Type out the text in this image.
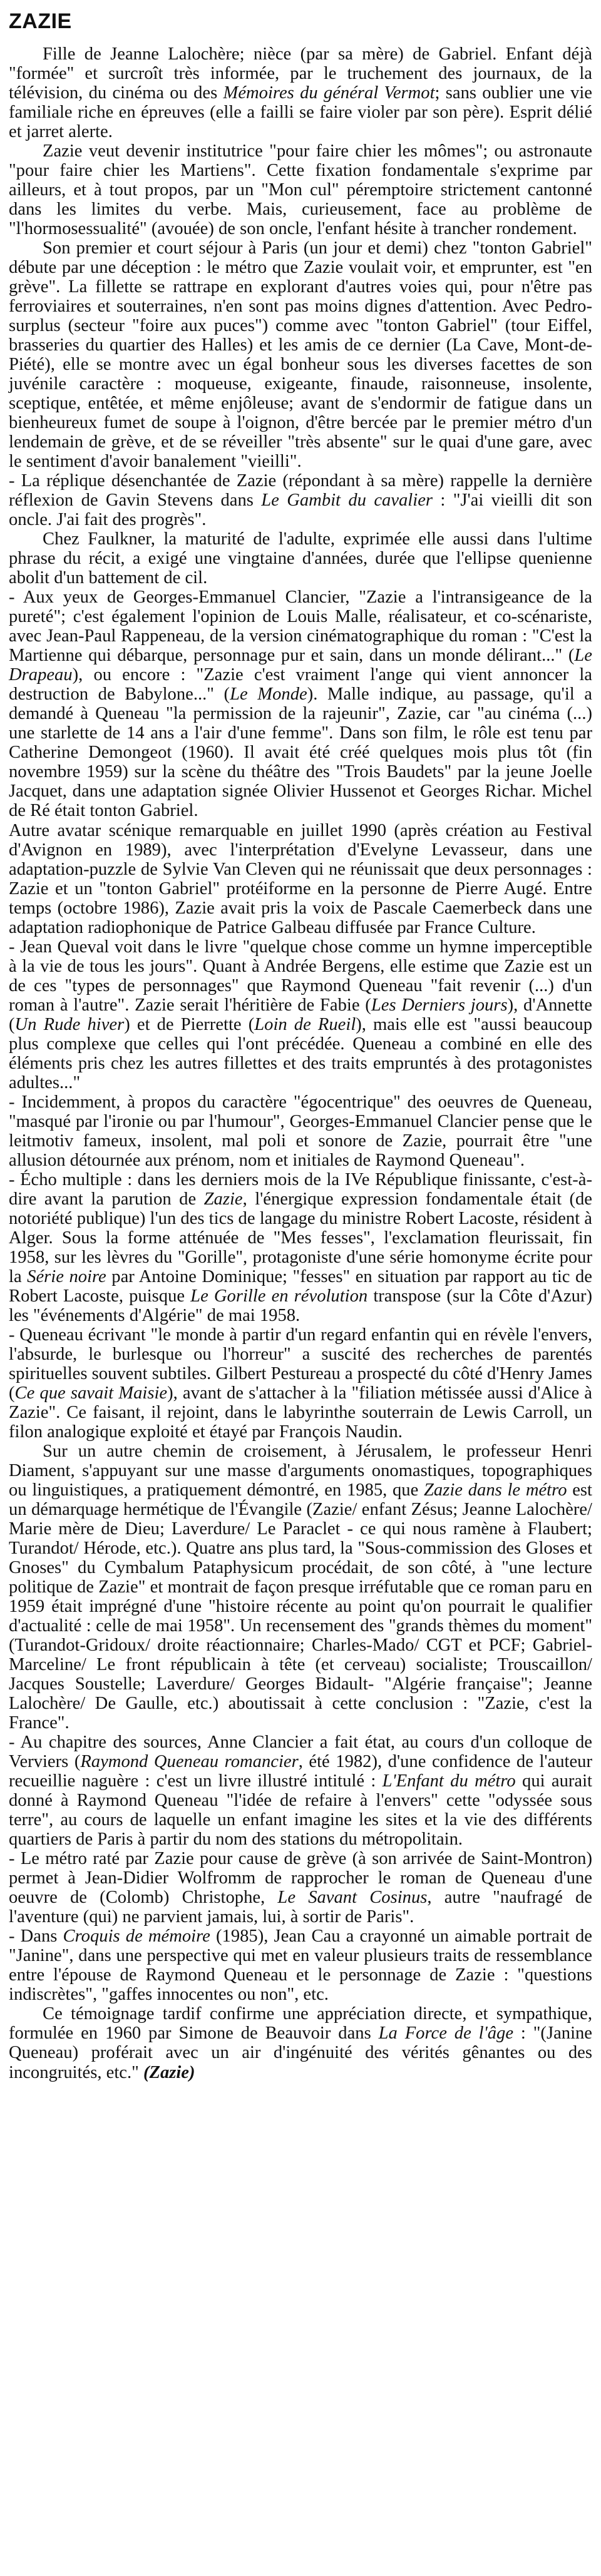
ZAZIE

Fille de Jeanne Lalochère; nièce (par sa mère) de Gabriel. Enfant déjà "formée" et surcroît très informée, par le truchement des journaux, de la télévision, du cinéma ou des Mémoires du général Vermot; sans oublier une vie familiale riche en épreuves (elle a failli se faire violer par son père). Esprit délié et jarret alerte.

Zazie veut devenir institutrice "pour faire chier les mômes"; ou astronaute "pour faire chier les Martiens". Cette fixation fondamentale s'exprime par ailleurs, et à tout propos, par un "Mon cul" péremptoire strictement cantonné dans les limites du verbe. Mais, curieusement, face au problème de "l'hormosessualité" (avouée) de son oncle, l'enfant hésite à trancher rondement.

Son premier et court séjour à Paris (un jour et demi) chez "tonton Gabriel" débute par une déception : le métro que Zazie voulait voir, et emprunter, est "en grève". La fillette se rattrape en explorant d'autres voies qui, pour n'être pas ferroviaires et souterraines, n'en sont pas moins dignes d'attention. Avec Pedro-surplus (secteur "foire aux puces") comme avec "tonton Gabriel" (tour Eiffel, brasseries du quartier des Halles) et les amis de ce dernier (La Cave, Mont-de-Piété), elle se montre avec un égal bonheur sous les diverses facettes de son juvénile caractère : moqueuse, exigeante, finaude, raisonneuse, insolente, sceptique, entêtée, et même enjôleuse; avant de s'endormir de fatigue dans un bienheureux fumet de soupe à l'oignon, d'être bercée par le premier métro d'un lendemain de grève, et de se réveiller "très absente" sur le quai d'une gare, avec le sentiment d'avoir banalement "vieilli".

- La réplique désenchantée de Zazie (répondant à sa mère) rappelle la dernière réflexion de Gavin Stevens dans Le Gambit du cavalier : "J'ai vieilli dit son oncle. J'ai fait des progrès".

Chez Faulkner, la maturité de l'adulte, exprimée elle aussi dans l'ultime phrase du récit, a exigé une vingtaine d'années, durée que l'ellipse quenienne abolit d'un battement de cil.

- Aux yeux de Georges-Emmanuel Clancier, "Zazie a l'intransigeance de la pureté"; c'est également l'opinion de Louis Malle, réalisateur, et co-scénariste, avec Jean-Paul Rappeneau, de la version cinématographique du roman : "C'est la Martienne qui débarque, personnage pur et sain, dans un monde délirant..." (Le Drapeau), ou encore : "Zazie c'est vraiment l'ange qui vient annoncer la destruction de Babylone..." (Le Monde). Malle indique, au passage, qu'il a demandé à Queneau "la permission de la rajeunir", Zazie, car "au cinéma (...) une starlette de 14 ans a l'air d'une femme". Dans son film, le rôle est tenu par Catherine Demongeot (1960). Il avait été créé quelques mois plus tôt (fin novembre 1959) sur la scène du théâtre des "Trois Baudets" par la jeune Joelle Jacquet, dans une adaptation signée Olivier Hussenot et Georges Richar. Michel de Ré était tonton Gabriel.

Autre avatar scénique remarquable en juillet 1990 (après création au Festival d'Avignon en 1989), avec l'interprétation d'Evelyne Levasseur, dans une adaptation-puzzle de Sylvie Van Cleven qui ne réunissait que deux personnages : Zazie et un "tonton Gabriel" protéiforme en la personne de Pierre Augé. Entre temps (octobre 1986), Zazie avait pris la voix de Pascale Caemerbeck dans une adaptation radiophonique de Patrice Galbeau diffusée par France Culture.

- Jean Queval voit dans le livre "quelque chose comme un hymne imperceptible à la vie de tous les jours". Quant à Andrée Bergens, elle estime que Zazie est un de ces "types de personnages" que Raymond Queneau "fait revenir (...) d'un roman à l'autre". Zazie serait l'héritière de Fabie (Les Derniers jours), d'Annette (Un Rude hiver) et de Pierrette (Loin de Rueil), mais elle est "aussi beaucoup plus complexe que celles qui l'ont précédée. Queneau a combiné en elle des éléments pris chez les autres fillettes et des traits empruntés à des protagonistes adultes..."

- Incidemment, à propos du caractère "égocentrique" des oeuvres de Queneau, "masqué par l'ironie ou par l'humour", Georges-Emmanuel Clancier pense que le leitmotiv fameux, insolent, mal poli et sonore de Zazie, pourrait être "une allusion détournée aux prénom, nom et initiales de Raymond Queneau".

- Écho multiple : dans les derniers mois de la IVe République finissante, c'est-à-dire avant la parution de Zazie, l'énergique expression fondamentale était (de notoriété publique) l'un des tics de langage du ministre Robert Lacoste, résident à Alger. Sous la forme atténuée de "Mes fesses", l'exclamation fleurissait, fin 1958, sur les lèvres du "Gorille", protagoniste d'une série homonyme écrite pour la Série noire par Antoine Dominique; "fesses" en situation par rapport au tic de Robert Lacoste, puisque Le Gorille en révolution transpose (sur la Côte d'Azur) les "événements d'Algérie" de mai 1958.

- Queneau écrivant "le monde à partir d'un regard enfantin qui en révèle l'envers, l'absurde, le burlesque ou l'horreur" a suscité des recherches de parentés spirituelles souvent subtiles. Gilbert Pestureau a prospecté du côté d'Henry James (Ce que savait Maisie), avant de s'attacher à la "filiation métissée aussi d'Alice à Zazie". Ce faisant, il rejoint, dans le labyrinthe souterrain de Lewis Carroll, un filon analogique exploité et étayé par François Naudin.

Sur un autre chemin de croisement, à Jérusalem, le professeur Henri Diament, s'appuyant sur une masse d'arguments onomastiques, topographiques ou linguistiques, a pratiquement démontré, en 1985, que Zazie dans le métro est un démarquage hermétique de l'Évangile (Zazie/ enfant Zésus; Jeanne Lalochère/ Marie mère de Dieu; Laverdure/ Le Paraclet - ce qui nous ramène à Flaubert; Turandot/ Hérode, etc.). Quatre ans plus tard, la "Sous-commission des Gloses et Gnoses" du Cymbalum Pataphysicum procédait, de son côté, à "une lecture politique de Zazie" et montrait de façon presque irréfutable que ce roman paru en 1959 était imprégné d'une "histoire récente au point qu'on pourrait le qualifier d'actualité : celle de mai 1958". Un recensement des "grands thèmes du moment" (Turandot-Gridoux/ droite réactionnaire; Charles-Mado/ CGT et PCF; Gabriel-Marceline/ Le front républicain à tête (et cerveau) socialiste; Trouscaillon/ Jacques Soustelle; Laverdure/ Georges Bidault- "Algérie française"; Jeanne Lalochère/ De Gaulle, etc.) aboutissait à cette conclusion : "Zazie, c'est la France".

- Au chapitre des sources, Anne Clancier a fait état, au cours d'un colloque de Verviers (Raymond Queneau romancier, été 1982), d'une confidence de l'auteur recueillie naguère : c'est un livre illustré intitulé : L'Enfant du métro qui aurait donné à Raymond Queneau "l'idée de refaire à l'envers" cette "odyssée sous terre", au cours de laquelle un enfant imagine les sites et la vie des différents quartiers de Paris à partir du nom des stations du métropolitain.

- Le métro raté par Zazie pour cause de grève (à son arrivée de Saint-Montron) permet à Jean-Didier Wolfromm de rapprocher le roman de Queneau d'une oeuvre de (Colomb) Christophe, Le Savant Cosinus, autre "naufragé de l'aventure (qui) ne parvient jamais, lui, à sortir de Paris".

- Dans Croquis de mémoire (1985), Jean Cau a crayonné un aimable portrait de "Janine", dans une perspective qui met en valeur plusieurs traits de ressemblance entre l'épouse de Raymond Queneau et le personnage de Zazie : "questions indiscrètes", "gaffes innocentes ou non", etc.

Ce témoignage tardif confirme une appréciation directe, et sympathique, formulée en 1960 par Simone de Beauvoir dans La Force de l'âge : "(Janine Queneau) proférait avec un air d'ingénuité des vérités gênantes ou des incongruités, etc." (Zazie)
